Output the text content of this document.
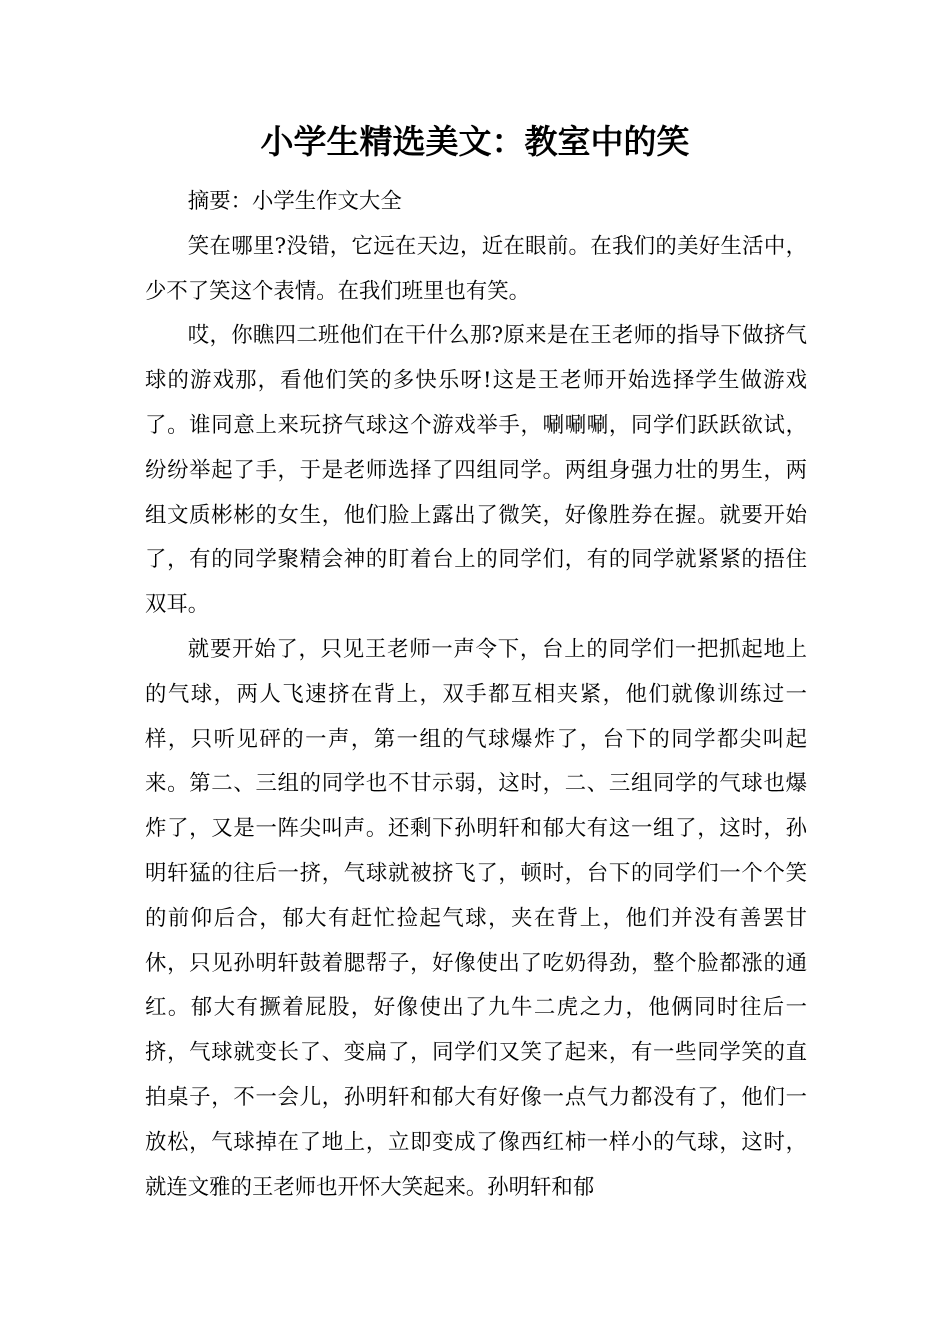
小学生精选美文：教室中的笑

摘要：小学生作文大全

笑在哪里?没错，它远在天边，近在眼前。在我们的美好生活中，少不了笑这个表情。在我们班里也有笑。

哎，你瞧四二班他们在干什么那?原来是在王老师的指导下做挤气球的游戏那，看他们笑的多快乐呀!这是王老师开始选择学生做游戏了。谁同意上来玩挤气球这个游戏举手，唰唰唰，同学们跃跃欲试，纷纷举起了手，于是老师选择了四组同学。两组身强力壮的男生，两组文质彬彬的女生，他们脸上露出了微笑，好像胜券在握。就要开始了，有的同学聚精会神的盯着台上的同学们，有的同学就紧紧的捂住双耳。

就要开始了，只见王老师一声令下，台上的同学们一把抓起地上的气球，两人飞速挤在背上，双手都互相夹紧，他们就像训练过一样，只听见砰的一声，第一组的气球爆炸了，台下的同学都尖叫起来。第二、三组的同学也不甘示弱，这时，二、三组同学的气球也爆炸了，又是一阵尖叫声。还剩下孙明轩和郁大有这一组了，这时，孙明轩猛的往后一挤，气球就被挤飞了，顿时，台下的同学们一个个笑的前仰后合，郁大有赶忙捡起气球，夹在背上，他们并没有善罢甘休，只见孙明轩鼓着腮帮子，好像使出了吃奶得劲，整个脸都涨的通红。郁大有撅着屁股，好像使出了九牛二虎之力，他俩同时往后一挤，气球就变长了、变扁了，同学们又笑了起来，有一些同学笑的直拍桌子，不一会儿，孙明轩和郁大有好像一点气力都没有了，他们一放松，气球掉在了地上，立即变成了像西红柿一样小的气球，这时，就连文雅的王老师也开怀大笑起来。孙明轩和郁
